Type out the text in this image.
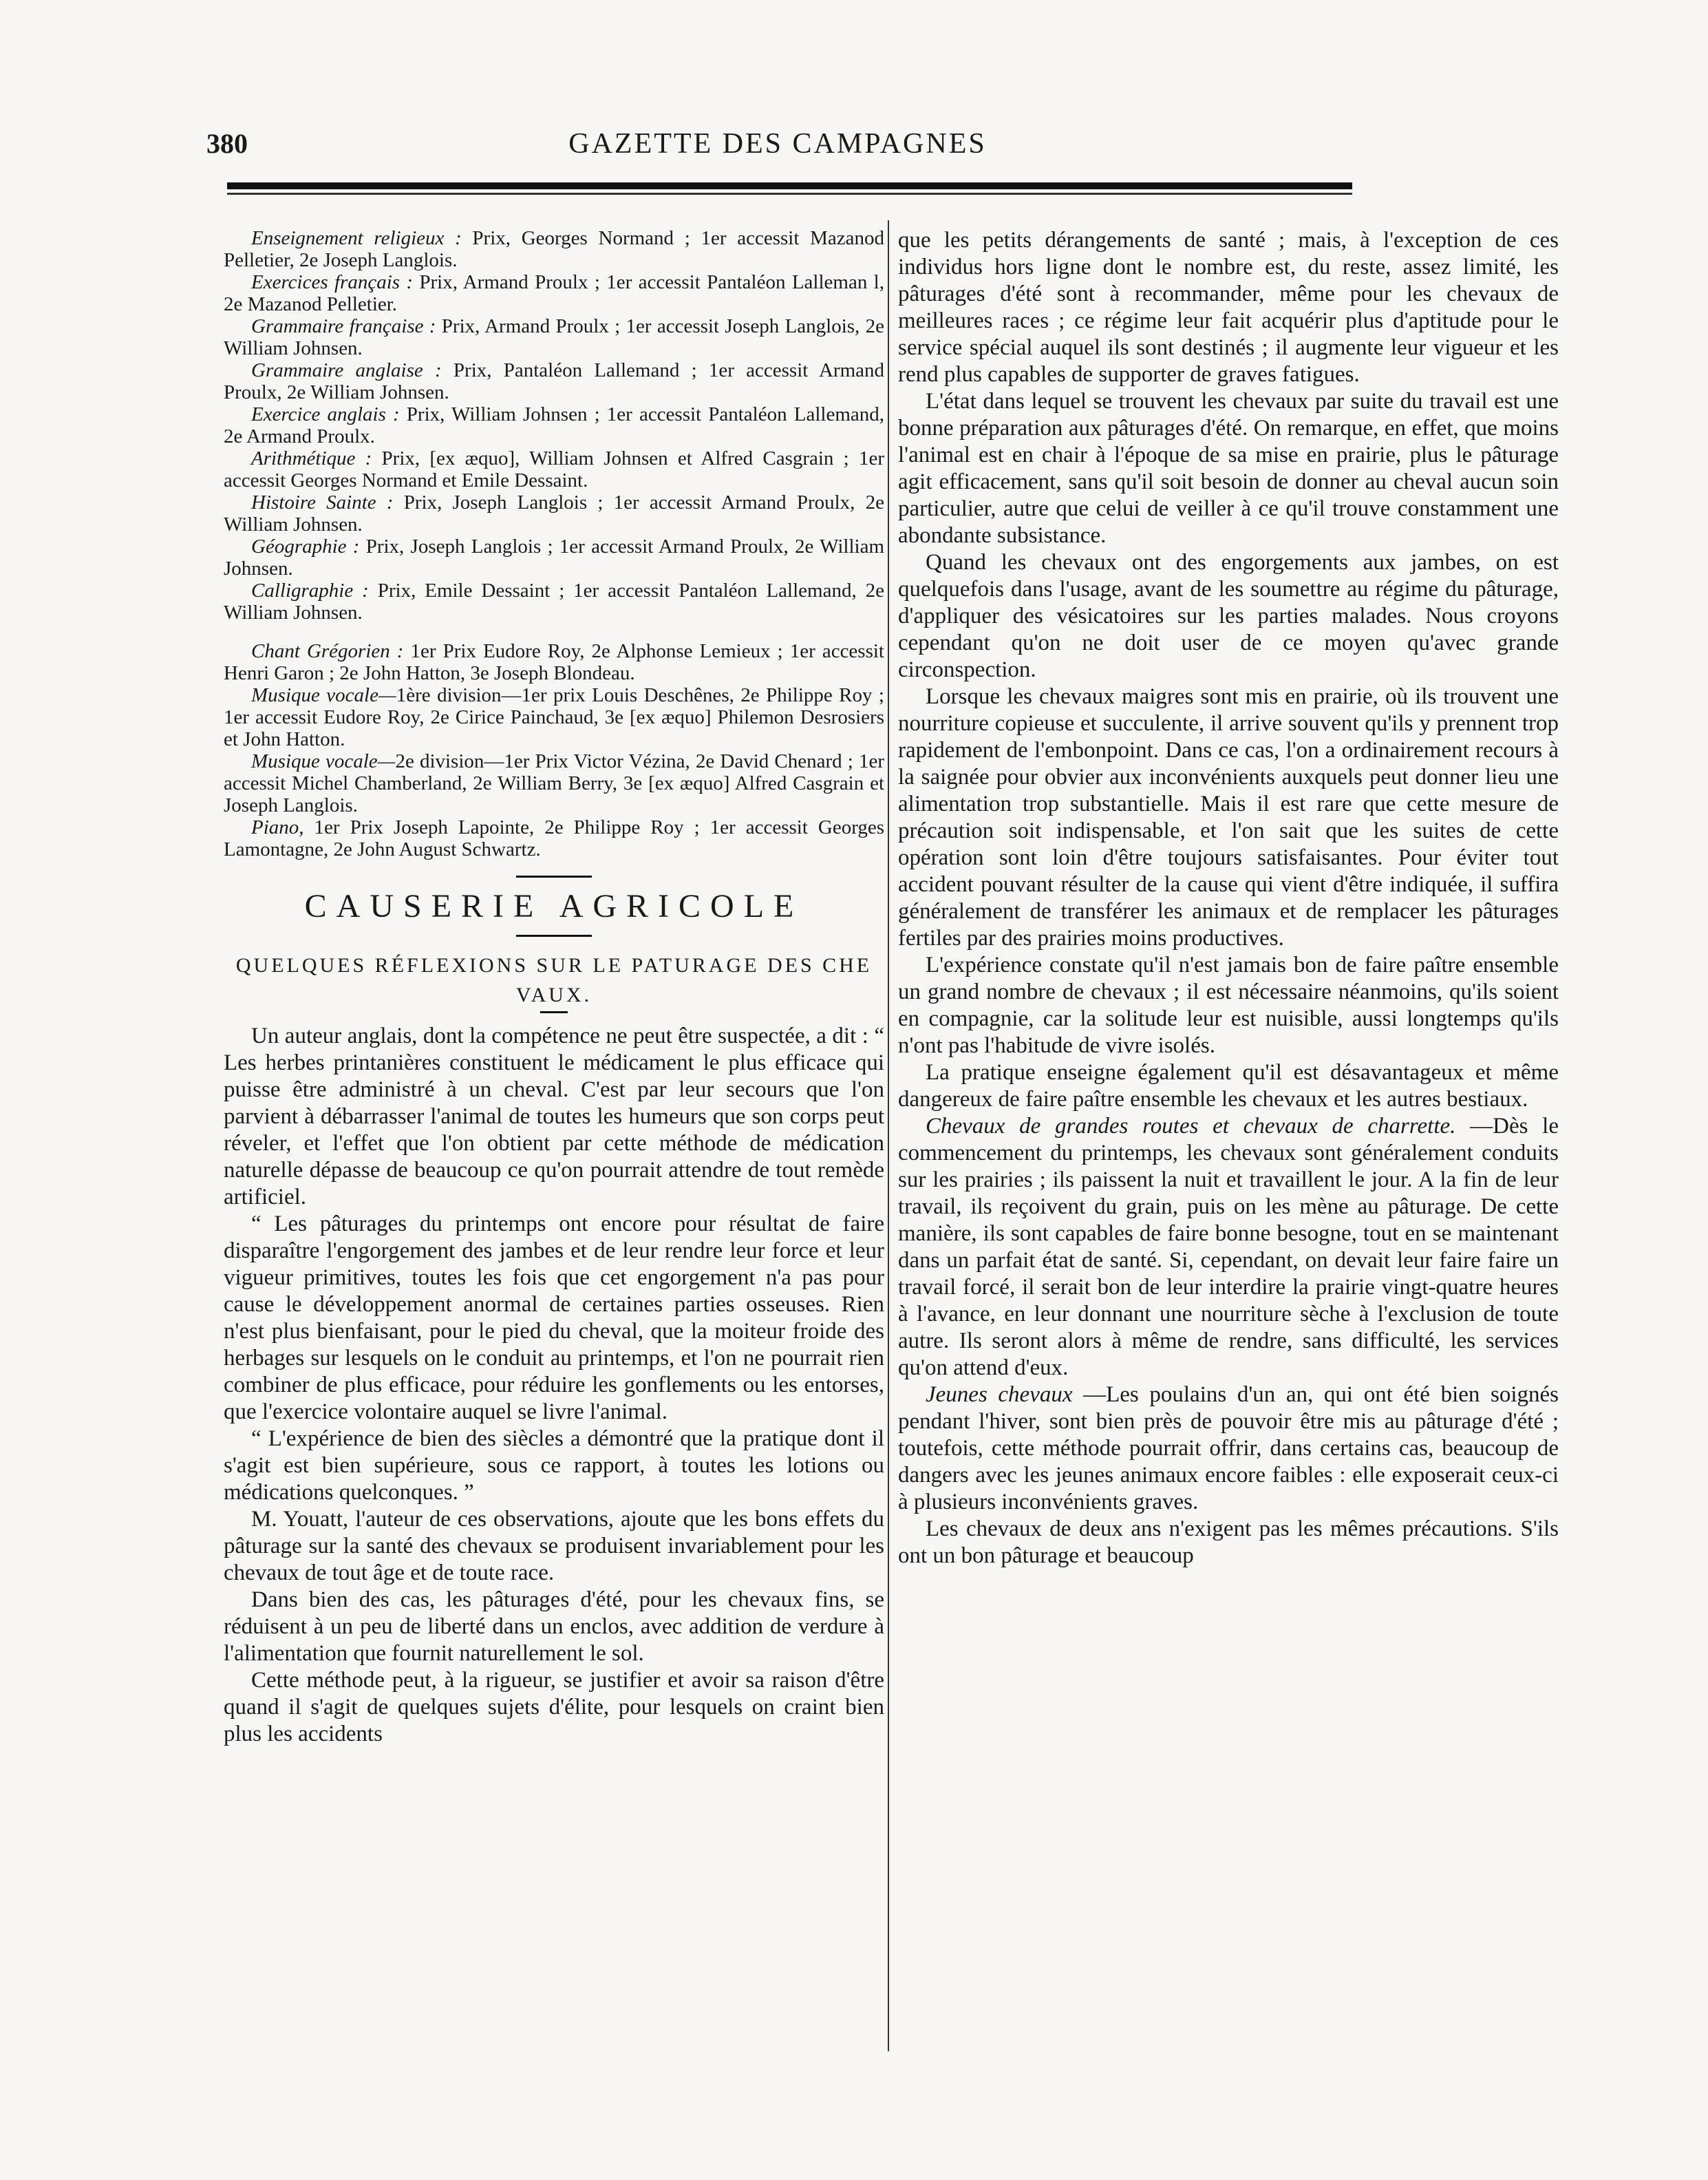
380	GAZETTE DES CAMPAGNES

Enseignement religieux : Prix, Georges Normand ; 1er accessit Mazanod Pelletier, 2e Joseph Langlois.

Exercices français : Prix, Armand Proulx ; 1er accessit Pantaléon Lalleman l, 2e Mazanod Pelletier.

Grammaire française : Prix, Armand Proulx ; 1er accessit Joseph Langlois, 2e William Johnsen.

Grammaire anglaise : Prix, Pantaléon Lallemand ; 1er accessit Armand Proulx, 2e William Johnsen.

Exercice anglais : Prix, William Johnsen ; 1er accessit Pantaléon Lallemand, 2e Armand Proulx.

Arithmétique : Prix, [ex æquo], William Johnsen et Alfred Casgrain ; 1er accessit Georges Normand et Emile Dessaint.

Histoire Sainte : Prix, Joseph Langlois ; 1er accessit Armand Proulx, 2e William Johnsen.

Géographie : Prix, Joseph Langlois ; 1er accessit Armand Proulx, 2e William Johnsen.

Calligraphie : Prix, Emile Dessaint ; 1er accessit Pantaléon Lallemand, 2e William Johnsen.

Chant Grégorien : 1er Prix Eudore Roy, 2e Alphonse Lemieux ; 1er accessit Henri Garon ; 2e John Hatton, 3e Joseph Blondeau.

Musique vocale—1ère division—1er prix Louis Deschênes, 2e Philippe Roy ; 1er accessit Eudore Roy, 2e Cirice Painchaud, 3e [ex æquo] Philemon Desrosiers et John Hatton.

Musique vocale—2e division—1er Prix Victor Vézina, 2e David Chenard ; 1er accessit Michel Chamberland, 2e William Berry, 3e [ex æquo] Alfred Casgrain et Joseph Langlois.

Piano, 1er Prix Joseph Lapointe, 2e Philippe Roy ; 1er accessit Georges Lamontagne, 2e John August Schwartz.

CAUSERIE AGRICOLE
QUELQUES RÉFLEXIONS SUR LE PATURAGE DES CHE
VAUX.

Un auteur anglais, dont la compétence ne peut être suspectée, a dit : “ Les herbes printanières constituent le médicament le plus efficace qui puisse être administré à un cheval. C'est par leur secours que l'on parvient à débarrasser l'animal de toutes les humeurs que son corps peut réveler, et l'effet que l'on obtient par cette méthode de médication naturelle dépasse de beaucoup ce qu'on pourrait attendre de tout remède artificiel.

“ Les pâturages du printemps ont encore pour résultat de faire disparaître l'engorgement des jambes et de leur rendre leur force et leur vigueur primitives, toutes les fois que cet engorgement n'a pas pour cause le développement anormal de certaines parties osseuses. Rien n'est plus bienfaisant, pour le pied du cheval, que la moiteur froide des herbages sur lesquels on le conduit au printemps, et l'on ne pourrait rien combiner de plus efficace, pour réduire les gonflements ou les entorses, que l'exercice volontaire auquel se livre l'animal.

“ L'expérience de bien des siècles a démontré que la pratique dont il s'agit est bien supérieure, sous ce rapport, à toutes les lotions ou médications quelconques. ”

M. Youatt, l'auteur de ces observations, ajoute que les bons effets du pâturage sur la santé des chevaux se produisent invariablement pour les chevaux de tout âge et de toute race.

Dans bien des cas, les pâturages d'été, pour les chevaux fins, se réduisent à un peu de liberté dans un enclos, avec addition de verdure à l'alimentation que fournit naturellement le sol.

Cette méthode peut, à la rigueur, se justifier et avoir sa raison d'être quand il s'agit de quelques sujets d'élite, pour lesquels on craint bien plus les accidents

que les petits dérangements de santé ; mais, à l'exception de ces individus hors ligne dont le nombre est, du reste, assez limité, les pâturages d'été sont à recommander, même pour les chevaux de meilleures races ; ce régime leur fait acquérir plus d'aptitude pour le service spécial auquel ils sont destinés ; il augmente leur vigueur et les rend plus capables de supporter de graves fatigues.

L'état dans lequel se trouvent les chevaux par suite du travail est une bonne préparation aux pâturages d'été. On remarque, en effet, que moins l'animal est en chair à l'époque de sa mise en prairie, plus le pâturage agit efficacement, sans qu'il soit besoin de donner au cheval aucun soin particulier, autre que celui de veiller à ce qu'il trouve constamment une abondante subsistance.

Quand les chevaux ont des engorgements aux jambes, on est quelquefois dans l'usage, avant de les soumettre au régime du pâturage, d'appliquer des vésicatoires sur les parties malades. Nous croyons cependant qu'on ne doit user de ce moyen qu'avec grande circonspection.

Lorsque les chevaux maigres sont mis en prairie, où ils trouvent une nourriture copieuse et succulente, il arrive souvent qu'ils y prennent trop rapidement de l'embonpoint. Dans ce cas, l'on a ordinairement recours à la saignée pour obvier aux inconvénients auxquels peut donner lieu une alimentation trop substantielle. Mais il est rare que cette mesure de précaution soit indispensable, et l'on sait que les suites de cette opération sont loin d'être toujours satisfaisantes. Pour éviter tout accident pouvant résulter de la cause qui vient d'être indiquée, il suffira généralement de transférer les animaux et de remplacer les pâturages fertiles par des prairies moins productives.

L'expérience constate qu'il n'est jamais bon de faire paître ensemble un grand nombre de chevaux ; il est nécessaire néanmoins, qu'ils soient en compagnie, car la solitude leur est nuisible, aussi longtemps qu'ils n'ont pas l'habitude de vivre isolés.

La pratique enseigne également qu'il est désavantageux et même dangereux de faire paître ensemble les chevaux et les autres bestiaux.

Chevaux de grandes routes et chevaux de charrette. —Dès le commencement du printemps, les chevaux sont généralement conduits sur les prairies ; ils paissent la nuit et travaillent le jour. A la fin de leur travail, ils reçoivent du grain, puis on les mène au pâturage. De cette manière, ils sont capables de faire bonne besogne, tout en se maintenant dans un parfait état de santé. Si, cependant, on devait leur faire faire un travail forcé, il serait bon de leur interdire la prairie vingt-quatre heures à l'avance, en leur donnant une nourriture sèche à l'exclusion de toute autre. Ils seront alors à même de rendre, sans difficulté, les services qu'on attend d'eux.

Jeunes chevaux —Les poulains d'un an, qui ont été bien soignés pendant l'hiver, sont bien près de pouvoir être mis au pâturage d'été ; toutefois, cette méthode pourrait offrir, dans certains cas, beaucoup de dangers avec les jeunes animaux encore faibles : elle exposerait ceux-ci à plusieurs inconvénients graves.

Les chevaux de deux ans n'exigent pas les mêmes précautions. S'ils ont un bon pâturage et beaucoup
